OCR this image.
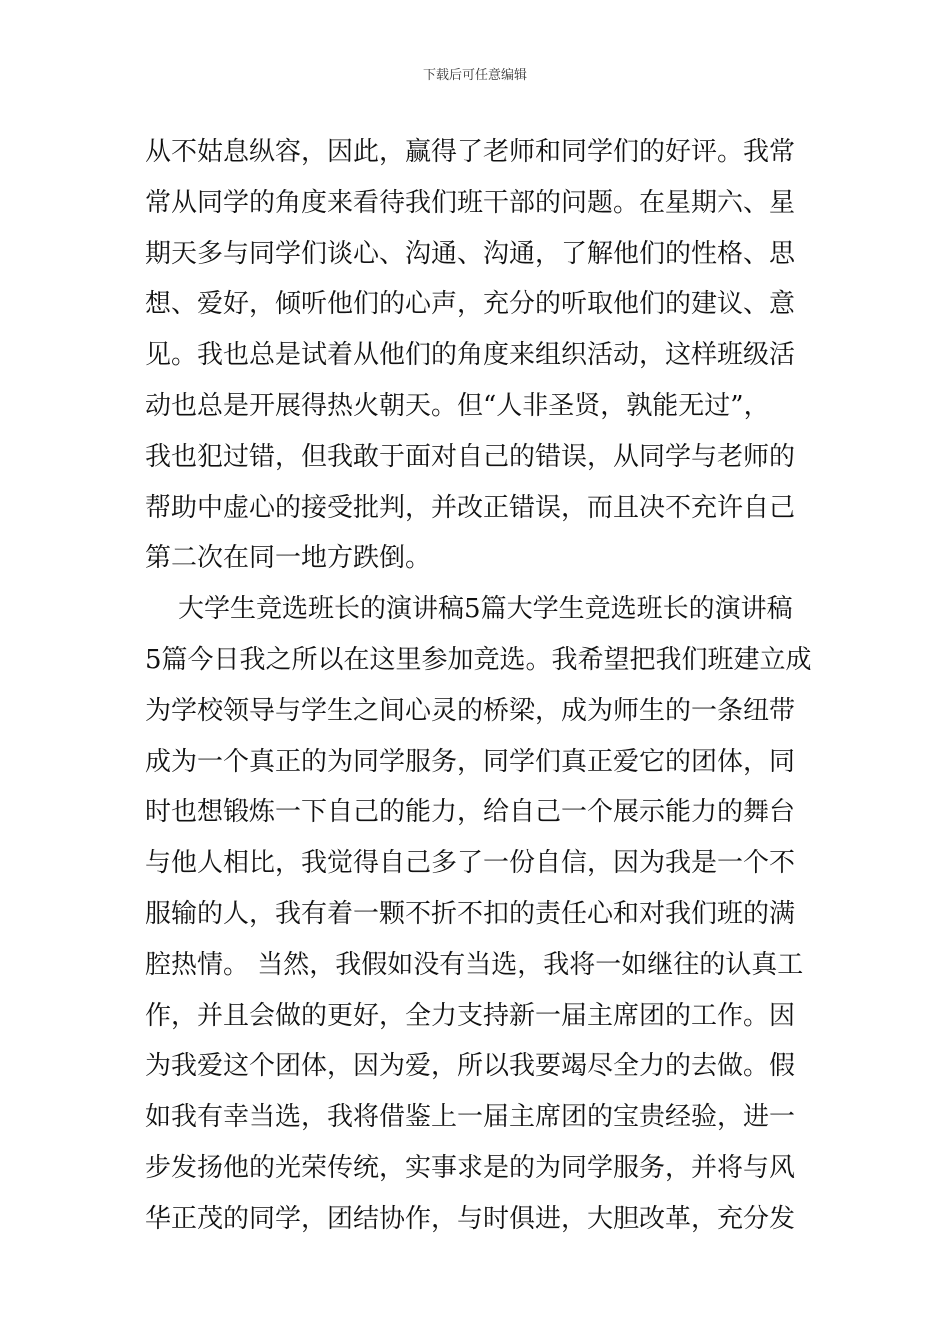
下载后可任意编辑
从不姑息纵容，因此，赢得了老师和同学们的好评。我常
常从同学的角度来看待我们班干部的问题。在星期六、星
期天多与同学们谈心、沟通、沟通，了解他们的性格、思
想、爱好，倾听他们的心声，充分的听取他们的建议、意
见。我也总是试着从他们的角度来组织活动，这样班级活
动也总是开展得热火朝天。但“人非圣贤，孰能无过”，
我也犯过错，但我敢于面对自己的错误，从同学与老师的
帮助中虚心的接受批判，并改正错误，而且决不充许自己
第二次在同一地方跌倒。
大学生竞选班长的演讲稿5篇大学生竞选班长的演讲稿
5篇今日我之所以在这里参加竞选。我希望把我们班建立成
为学校领导与学生之间心灵的桥梁，成为师生的一条纽带
成为一个真正的为同学服务，同学们真正爱它的团体，同
时也想锻炼一下自己的能力，给自己一个展示能力的舞台
与他人相比，我觉得自己多了一份自信，因为我是一个不
服输的人，我有着一颗不折不扣的责任心和对我们班的满
腔热情。 当然，我假如没有当选，我将一如继往的认真工
作，并且会做的更好，全力支持新一届主席团的工作。因
为我爱这个团体，因为爱，所以我要竭尽全力的去做。假
如我有幸当选，我将借鉴上一届主席团的宝贵经验，进一
步发扬他的光荣传统，实事求是的为同学服务，并将与风
华正茂的同学，团结协作，与时俱进，大胆改革，充分发
